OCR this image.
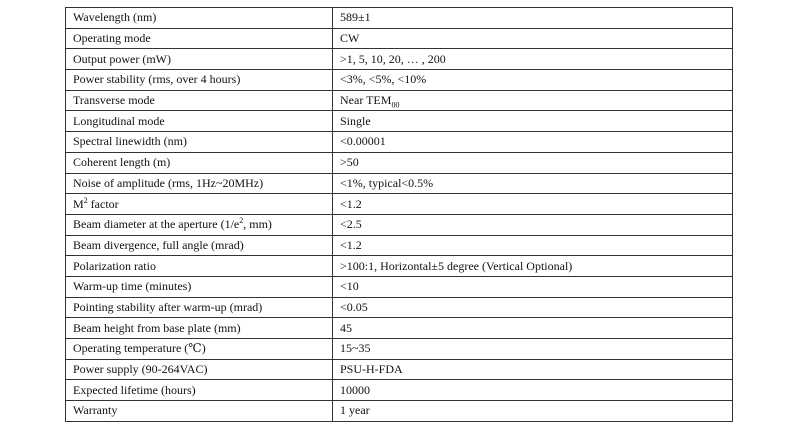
Wavelength (nm)	589±1
Operating mode	CW
Output power (mW)	>1, 5, 10, 20, … , 200
Power stability (rms, over 4 hours)	<3%, <5%, <10%
Transverse mode	Near $TEM_{00}$
Longitudinal mode	Single
Spectral linewidth (nm)	<0.00001
Coherent length (m)	>50
Noise of amplitude (rms, 1Hz~20MHz)	<1%, typical<0.5%
$M^2$ factor	<1.2
Beam diameter at the aperture ($1/e^2$, mm)	<2.5
Beam divergence, full angle (mrad)	<1.2
Polarization ratio	>100:1, Horizontal±5 degree (Vertical Optional)
Warm-up time (minutes)	<10
Pointing stability after warm-up (mrad)	<0.05
Beam height from base plate (mm)	45
Operating temperature (℃)	15~35
Power supply (90-264VAC)	PSU-H-FDA
Expected lifetime (hours)	10000
Warranty	1 year
